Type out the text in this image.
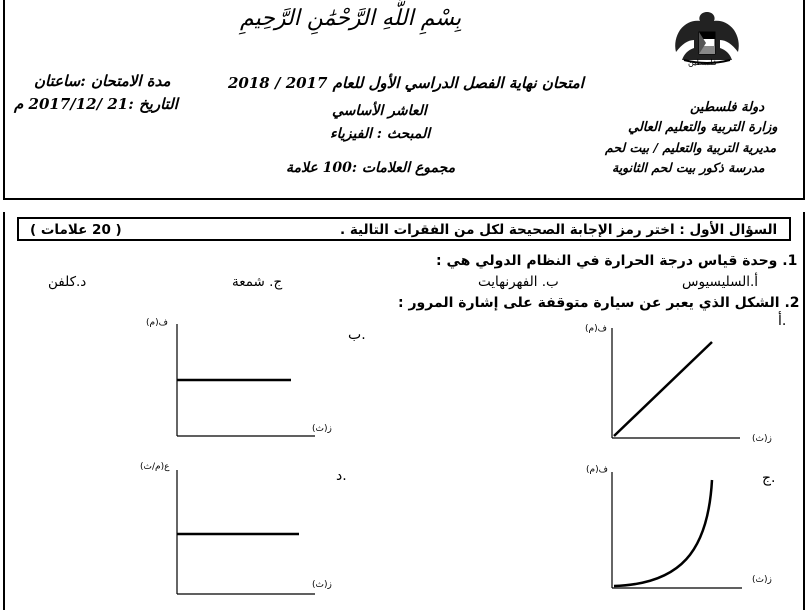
بِسْمِ اللَّهِ الرَّحْمَٰنِ الرَّحِيمِ
فلسطين
امتحان نهاية الفصل الدراسي الأول للعام 2017 / 2018
العاشر الأساسي
المبحث : الفيزياء
مجموع العلامات :100 علامة
مدة الامتحان :ساعتان
التاريخ :21 /2017/12 م	دولة فلسطين
وزارة التربية والتعليم العالي
مديرية التربية والتعليم / بيت لحم
مدرسة ذكور بيت لحم الثانوية
السؤال الأول : اختر رمز الإجابة الصحيحة لكل من الفقرات التالية .
( 20 علامات )
1. وحدة قياس درجة الحرارة في النظام الدولي هي :
أ.السليسيوس
ب. الفهرنهايت
ج. شمعة
د.كلفن
2. الشكل الذي يعبر عن سيارة متوقفة على إشارة المرور :
أ.
ف(م)
ز(ث)
ب.
ف(م)
ز(ث)
ج.
ف(م)
ز(ث)
د.
ع(م/ث)
ز(ث)
